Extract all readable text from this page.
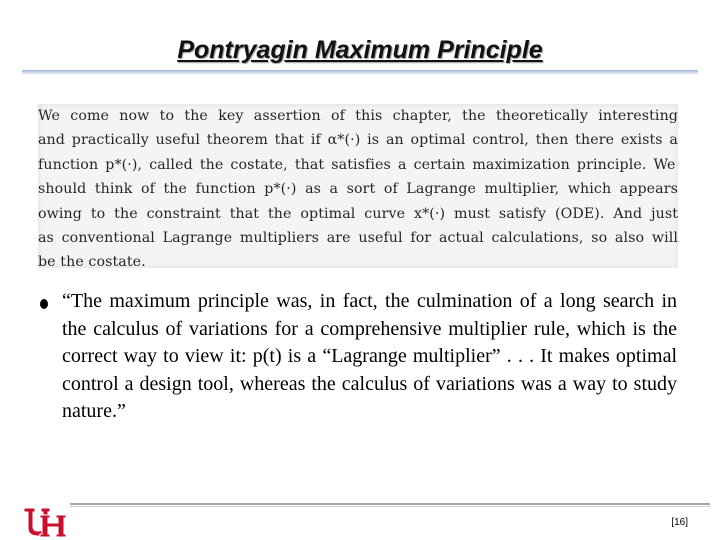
Pontryagin Maximum Principle

We come now to the key assertion of this chapter, the theoretically interesting
and practically useful theorem that if α*(·) is an optimal control, then there exists a
function p*(·), called the costate, that satisfies a certain maximization principle. We
should think of the function p*(·) as a sort of Lagrange multiplier, which appears
owing to the constraint that the optimal curve x*(·) must satisfy (ODE). And just
as conventional Lagrange multipliers are useful for actual calculations, so also will
be the costate.

“The maximum principle was, in fact, the culmination of a long search in the calculus of variations for a comprehensive multiplier rule, which is the correct way to view it: p(t) is a “Lagrange multiplier” . . . It makes optimal control a design tool, whereas the calculus of variations was a way to study nature.”
[16]
